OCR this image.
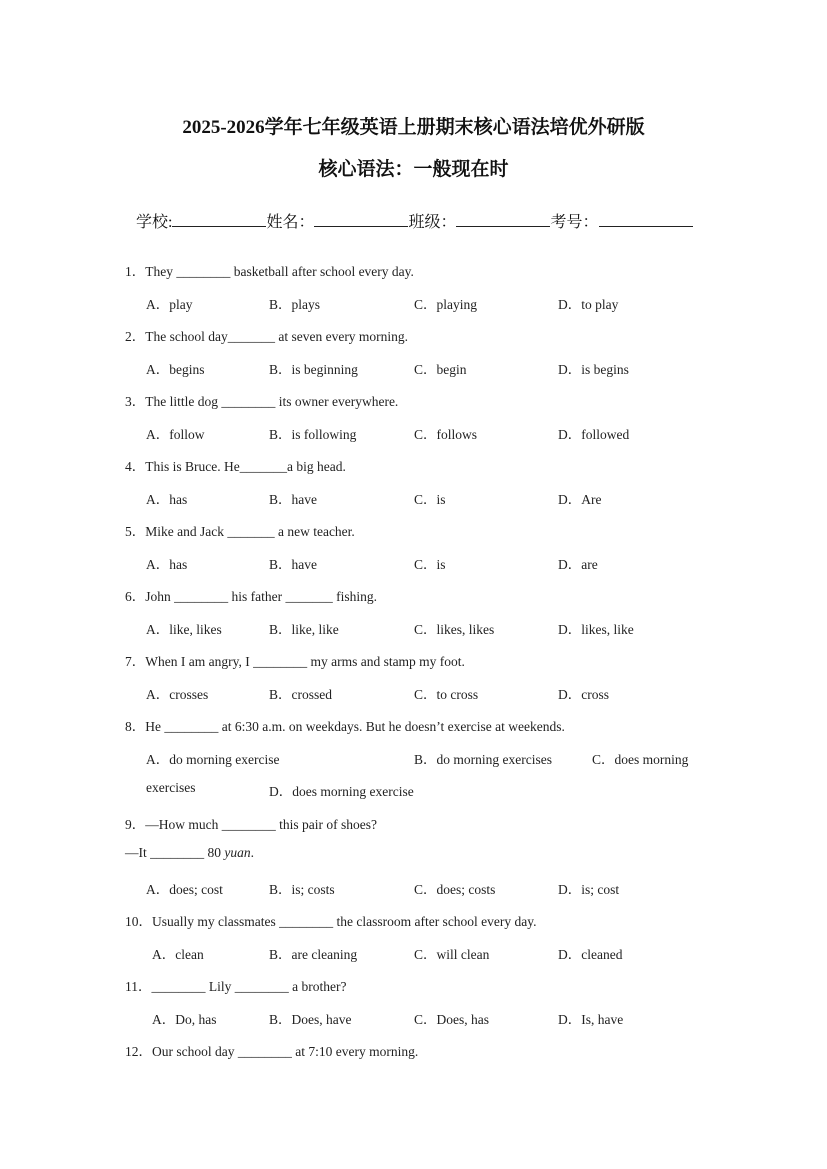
2025-2026学年七年级英语上册期末核心语法培优外研版
核心语法：一般现在时
学校:	姓名：	班级：	考号：
1．They ________ basketball after school every day.
A．play	B．plays	C．playing	D．to play
2．The school day_______ at seven every morning.
A．begins	B．is beginning	C．begin	D．is begins
3．The little dog ________ its owner everywhere.
A．follow	B．is following	C．follows	D．followed
4．This is Bruce. He_______a big head.
A．has	B．have	C．is	D．Are
5．Mike and Jack _______ a new teacher.
A．has	B．have	C．is	D．are
6．John ________ his father _______ fishing.
A．like, likes	B．like, like	C．likes, likes	D．likes, like
7．When I am angry, I ________ my arms and stamp my foot.
A．crosses	B．crossed	C．to cross	D．cross
8．He ________ at 6:30 a.m. on weekdays. But he doesn’t exercise at weekends.
A．do morning exercise	B．do morning exercises	C．does morning
exercises	D．does morning exercise
9．—How much ________ this pair of shoes?
—It ________ 80 yuan.
A．does; cost	B．is; costs	C．does; costs	D．is; cost
10．Usually my classmates ________ the classroom after school every day.
A．clean	B．are cleaning	C．will clean	D．cleaned
11．________ Lily ________ a brother?
A．Do, has	B．Does, have	C．Does, has	D．Is, have
12．Our school day ________ at 7:10 every morning.
